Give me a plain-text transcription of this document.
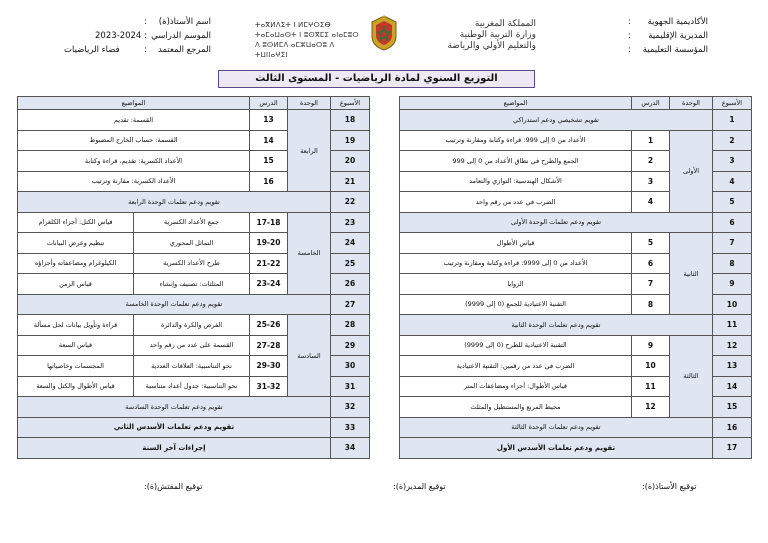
الأكاديمية الجهوية
المديرية الإقليمية
المؤسسة التعليمية
:
:
:
المملكة المغربية
وزارة التربية الوطنية
والتعليم الأولي والرياضة
ⵜⴰⴳⵍⴷⵉⵜ ⵏ ⵍⵎⵖⵔⵉⴱ
ⵜⴰⵎⴰⵡⴰⵙⵜ ⵏ ⵓⵙⴳⵎⵉ ⴰⵏⴰⵎⵓⵔ
ⴷ ⵓⵙⵍⵎⴷ ⴰⵎⵣⵡⴰⵔⵓ ⴷ ⵜⵡⵏⵏⴰⵖⵉⵏ
اسم الأستاذ(ة)
الموسم الدراسي
المرجع المعتمد
:
:
:
2023-2024
فضاء الرياضيات
التوزيع السنوي لمادة الرياضيات - المستوى الثالث
المواضيع	الدرس	الوحدة	الأسبوع
تقويم تشخيصي ودعم استدراكي			1
الأعداد من 0 إلى 999: قراءة وكتابة ومقارنة وترتيب	1	الأولى	2
الجمع والطرح في نطاق الأعداد من 0 إلى 999	2		3
الأشكال الهندسية: التوازي والتعامد	3		4
الضرب في عدد من رقم واحد	4		5
تقويم ودعم تعلمات الوحدة الأولى			6
قياس الأطوال	5	الثانية	7
الأعداد من 0 إلى 9999: قراءة وكتابة ومقارنة وترتيب	6		8
الزوايا	7		9
التقنية الاعتيادية للجمع (0 إلى 9999)	8		10
تقويم ودعم تعلمات الوحدة الثانية			11
التقنية الاعتيادية للطرح (0 إلى 9999)	9	الثالثة	12
الضرب في عدد من رقمين: التقنية الاعتيادية	10		13
قياس الأطوال: أجزاء ومضاعفات المتر	11		14
محيط المربع والمستطيل والمثلث	12		15
تقويم ودعم تعلمات الوحدة الثالثة			16
تقويم ودعم تعلمات الأسدس الأول			17
المواضيع		الدرس	الوحدة	الأسبوع
القسمة: تقديم		13	الرابعة	18
القسمة: حساب الخارج المضبوط		14		19
الأعداد الكسرية: تقديم، قراءة وكتابة		15		20
الأعداد الكسرية: مقارنة وترتيب		16		21
تقويم ودعم تعلمات الوحدة الرابعة				22
قياس الكتل: أجزاء الكلغرام	جمع الأعداد الكسرية	17-18	الخامسة	23
تنظيم وعرض البيانات	التماثل المحوري	19-20		24
الكيلوغرام ومضاعفاته وأجزاؤه	طرح الأعداد الكسرية	21-22		25
قياس الزمن	المثلثات: تصنيف وإنشاء	23-24		26
تقويم ودعم تعلمات الوحدة الخامسة				27
قراءة وتأويل بيانات لحل مسألة	القرص والكرة والدائرة	25-26	السادسة	28
قياس السعة	القسمة على عدد من رقم واحد	27-28		29
المجسمات وخاصياتها	نحو التناسبية: العلاقات العددية	29-30		30
قياس الأطوال والكتل والسعة	نحو التناسبية: جدول أعداد متناسبة	31-32		31
تقويم ودعم تعلمات الوحدة السادسة				32
تقويم ودعم تعلمات الأسدس الثاني				33
إجراءات آخر السنة				34
توقيع الأستاذ(ة):
توقيع المدير(ة):
توقيع المفتش(ة):
